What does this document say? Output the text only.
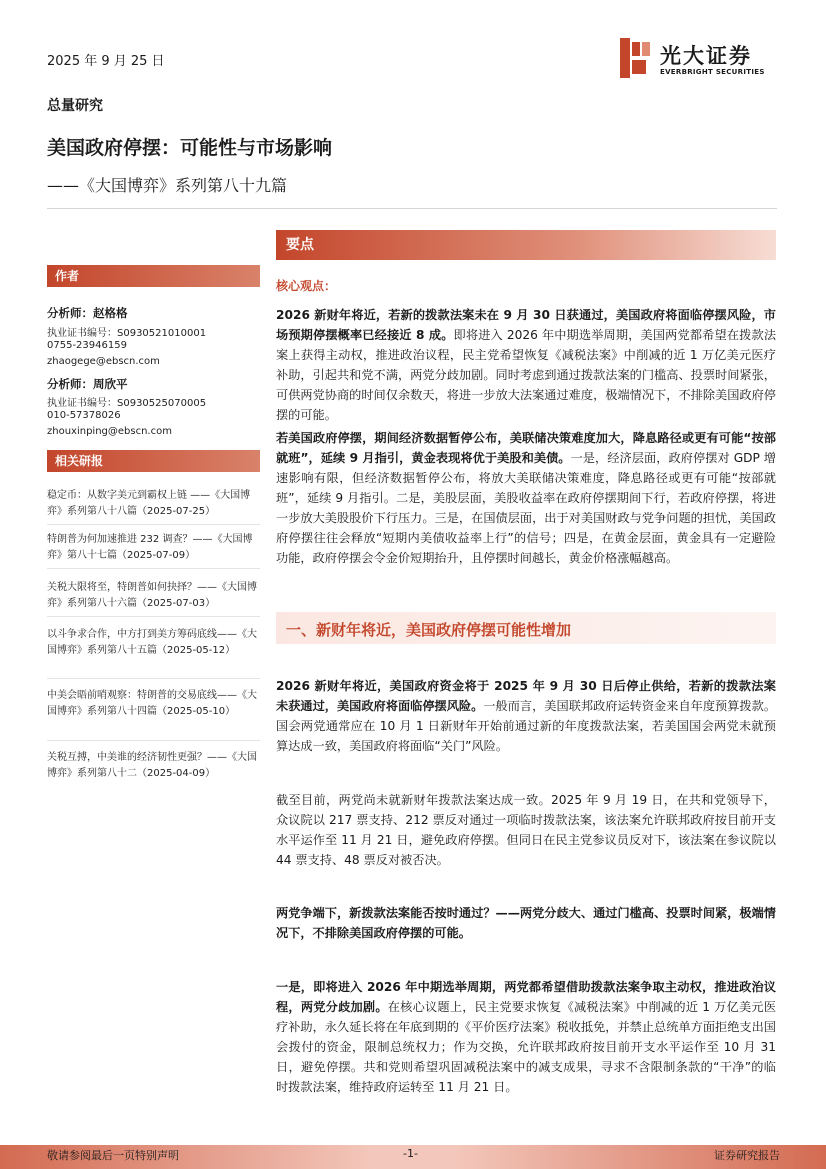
2025 年 9 月 25 日	光大证券
EVERBRIGHT SECURITIES
总量研究
美国政府停摆：可能性与市场影响
——《大国博弈》系列第八十九篇
作者
分析师：赵格格
执业证书编号：S0930521010001
0755-23946159
zhaogege@ebscn.com
分析师：周欣平
执业证书编号：S0930525070005
010-57378026
zhouxinping@ebscn.com
相关研报
稳定币：从数字美元到霸权上链 ——《大国博弈》系列第八十八篇（2025-07-25）
特朗普为何加速推进 232 调查？——《大国博弈》第八十七篇（2025-07-09）
关税大限将至，特朗普如何抉择？——《大国博弈》系列第八十六篇（2025-07-03）
以斗争求合作，中方打到美方筹码底线——《大国博弈》系列第八十五篇（2025-05-12）
中美会晤前哨观察：特朗普的交易底线——《大国博弈》系列第八十四篇（2025-05-10）
关税互搏，中美谁的经济韧性更强？——《大国博弈》系列第八十二（2025-04-09）
要点
核心观点：
2026 新财年将近，若新的拨款法案未在 9 月 30 日获通过，美国政府将面临停摆风险，市场预期停摆概率已经接近 8 成。即将进入 2026 年中期选举周期，美国两党都希望在拨款法案上获得主动权，推进政治议程，民主党希望恢复《减税法案》中削减的近 1 万亿美元医疗补助，引起共和党不满，两党分歧加剧。同时考虑到通过拨款法案的门槛高、投票时间紧张，可供两党协商的时间仅余数天，将进一步放大法案通过难度，极端情况下，不排除美国政府停摆的可能。
若美国政府停摆，期间经济数据暂停公布，美联储决策难度加大，降息路径或更有可能“按部就班”，延续 9 月指引，黄金表现将优于美股和美债。一是，经济层面，政府停摆对 GDP 增速影响有限，但经济数据暂停公布，将放大美联储决策难度，降息路径或更有可能“按部就班”，延续 9 月指引。二是，美股层面，美股收益率在政府停摆期间下行，若政府停摆，将进一步放大美股股价下行压力。三是，在国债层面，出于对美国财政与党争问题的担忧，美国政府停摆往往会释放“短期内美债收益率上行”的信号；四是，在黄金层面，黄金具有一定避险功能，政府停摆会令金价短期抬升，且停摆时间越长，黄金价格涨幅越高。
一、新财年将近，美国政府停摆可能性增加
2026 新财年将近，美国政府资金将于 2025 年 9 月 30 日后停止供给，若新的拨款法案未获通过，美国政府将面临停摆风险。一般而言，美国联邦政府运转资金来自年度预算拨款。国会两党通常应在 10 月 1 日新财年开始前通过新的年度拨款法案，若美国国会两党未就预算达成一致，美国政府将面临“关门”风险。
截至目前，两党尚未就新财年拨款法案达成一致。2025 年 9 月 19 日，在共和党领导下，众议院以 217 票支持、212 票反对通过一项临时拨款法案，该法案允许联邦政府按目前开支水平运作至 11 月 21 日，避免政府停摆。但同日在民主党参议员反对下，该法案在参议院以 44 票支持、48 票反对被否决。
两党争端下，新拨款法案能否按时通过？——两党分歧大、通过门槛高、投票时间紧，极端情况下，不排除美国政府停摆的可能。
一是，即将进入 2026 年中期选举周期，两党都希望借助拨款法案争取主动权，推进政治议程，两党分歧加剧。在核心议题上，民主党要求恢复《减税法案》中削减的近 1 万亿美元医疗补助，永久延长将在年底到期的《平价医疗法案》税收抵免，并禁止总统单方面拒绝支出国会拨付的资金，限制总统权力；作为交换，允许联邦政府按目前开支水平运作至 10 月 31 日，避免停摆。共和党则希望巩固减税法案中的减支成果，寻求不含限制条款的“干净”的临时拨款法案，维持政府运转至 11 月 21 日。
敬请参阅最后一页特别声明	-1-	证券研究报告
